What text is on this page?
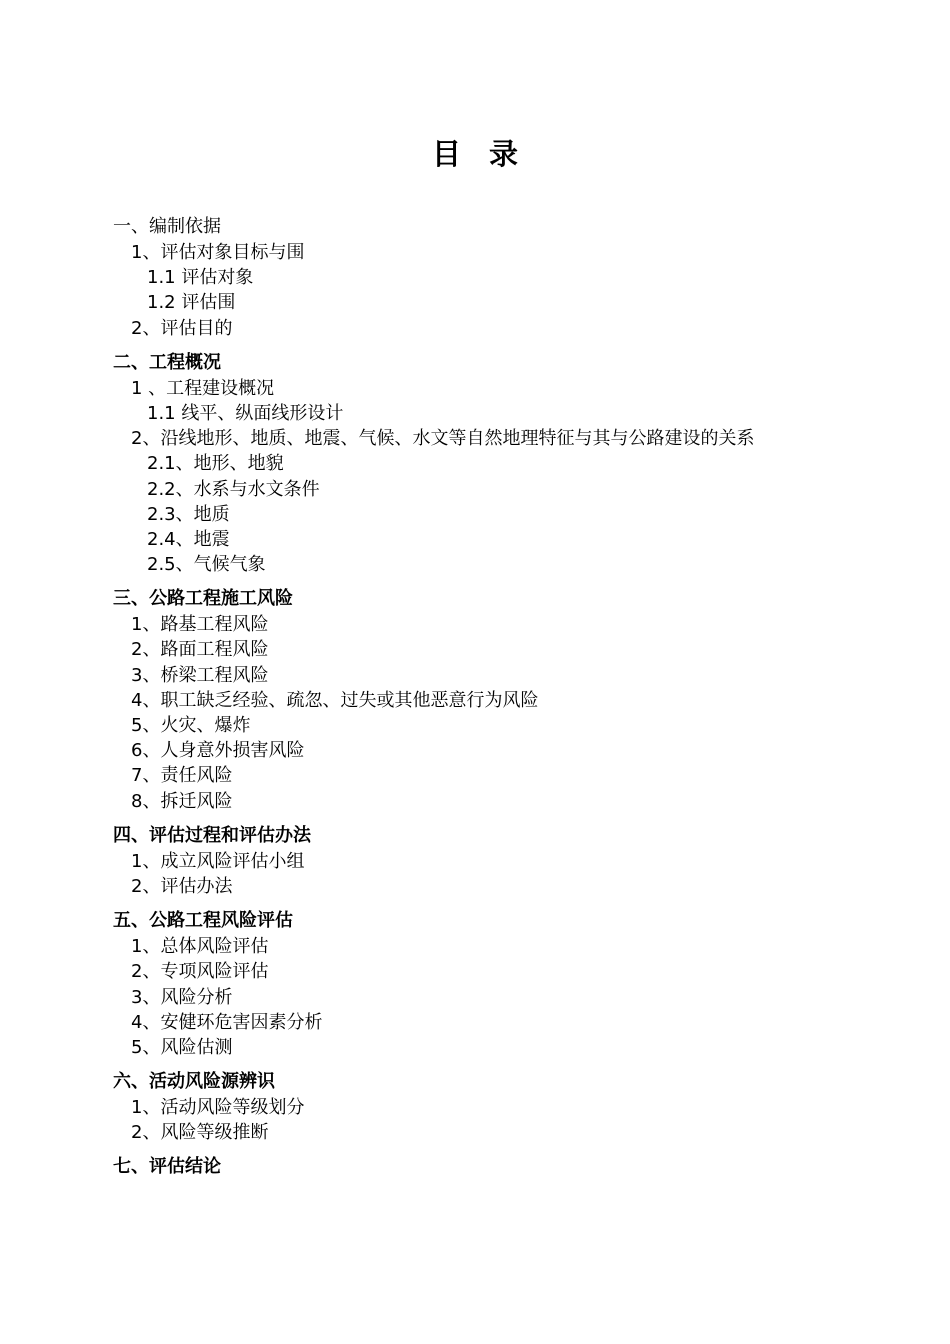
目录
一、编制依据
1、评估对象目标与围
1.1 评估对象
1.2 评估围
2、评估目的
二、工程概况
1 、工程建设概况
1.1 线平、纵面线形设计
2、沿线地形、地质、地震、气候、水文等自然地理特征与其与公路建设的关系
2.1、地形、地貌
2.2、水系与水文条件
2.3、地质
2.4、地震
2.5、气候气象
三、公路工程施工风险
1、路基工程风险
2、路面工程风险
3、桥梁工程风险
4、职工缺乏经验、疏忽、过失或其他恶意行为风险
5、火灾、爆炸
6、人身意外损害风险
7、责任风险
8、拆迁风险
四、评估过程和评估办法
1、成立风险评估小组
2、评估办法
五、公路工程风险评估
1、总体风险评估
2、专项风险评估
3、风险分析
4、安健环危害因素分析
5、风险估测
六、活动风险源辨识
1、活动风险等级划分
2、风险等级推断
七、评估结论
